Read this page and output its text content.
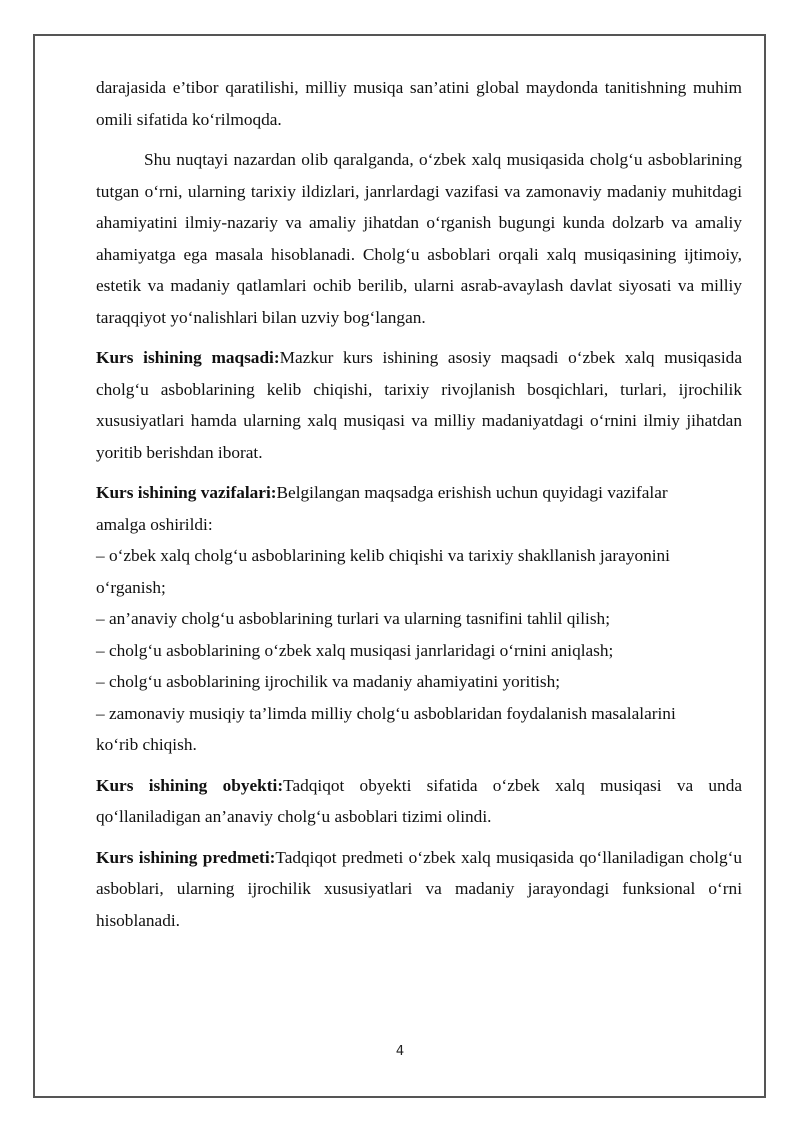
darajasida e’tibor qaratilishi, milliy musiqa san’atini global maydonda tanitishning muhim omili sifatida ko‘rilmoqda.

Shu nuqtayi nazardan olib qaralganda, o‘zbek xalq musiqasida cholg‘u asboblarining tutgan o‘rni, ularning tarixiy ildizlari, janrlardagi vazifasi va zamonaviy madaniy muhitdagi ahamiyatini ilmiy-nazariy va amaliy jihatdan o‘rganish bugungi kunda dolzarb va amaliy ahamiyatga ega masala hisoblanadi. Cholg‘u asboblari orqali xalq musiqasining ijtimoiy, estetik va madaniy qatlamlari ochib berilib, ularni asrab-avaylash davlat siyosati va milliy taraqqiyot yo‘nalishlari bilan uzviy bog‘langan.

Kurs ishining maqsadi:Mazkur kurs ishining asosiy maqsadi o‘zbek xalq musiqasida cholg‘u asboblarining kelib chiqishi, tarixiy rivojlanish bosqichlari, turlari, ijrochilik xususiyatlari hamda ularning xalq musiqasi va milliy madaniyatdagi o‘rnini ilmiy jihatdan yoritib berishdan iborat.

Kurs ishining vazifalari:Belgilangan maqsadga erishish uchun quyidagi vazifalar
amalga oshirildi:
– o‘zbek xalq cholg‘u asboblarining kelib chiqishi va tarixiy shakllanish jarayonini
o‘rganish;
– an’anaviy cholg‘u asboblarining turlari va ularning tasnifini tahlil qilish;
– cholg‘u asboblarining o‘zbek xalq musiqasi janrlaridagi o‘rnini aniqlash;
– cholg‘u asboblarining ijrochilik va madaniy ahamiyatini yoritish;
– zamonaviy musiqiy ta’limda milliy cholg‘u asboblaridan foydalanish masalalarini
ko‘rib chiqish.

Kurs ishining obyekti:Tadqiqot obyekti sifatida o‘zbek xalq musiqasi va unda qo‘llaniladigan an’anaviy cholg‘u asboblari tizimi olindi.

Kurs ishining predmeti:Tadqiqot predmeti o‘zbek xalq musiqasida qo‘llaniladigan cholg‘u asboblari, ularning ijrochilik xususiyatlari va madaniy jarayondagi funksional o‘rni hisoblanadi.

4
